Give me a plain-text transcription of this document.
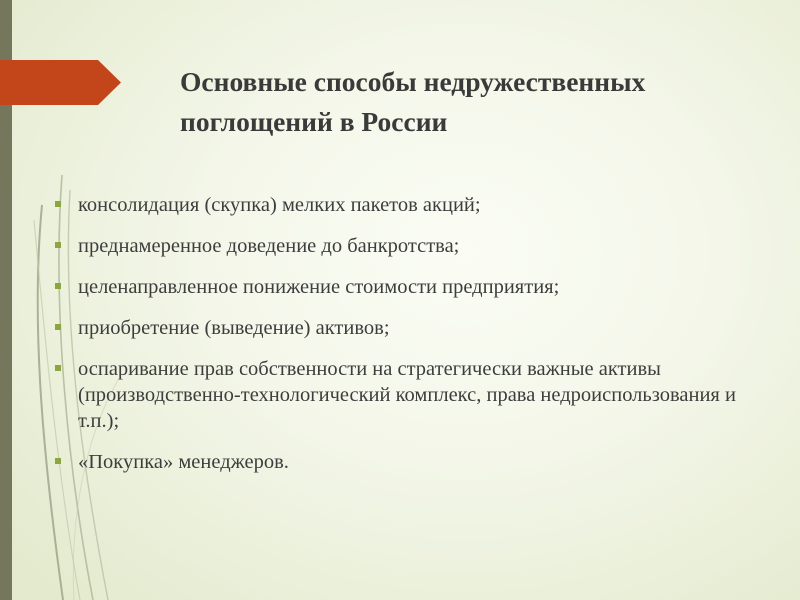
Основные способы недружественных поглощений в России
консолидация (скупка) мелких пакетов акций;
преднамеренное доведение до банкротства;
целенаправленное понижение стоимости предприятия;
приобретение (выведение) активов;
оспаривание прав собственности на стратегически важные активы (производственно-технологический комплекс, права недроиспользования и т.п.);
«Покупка» менеджеров.
